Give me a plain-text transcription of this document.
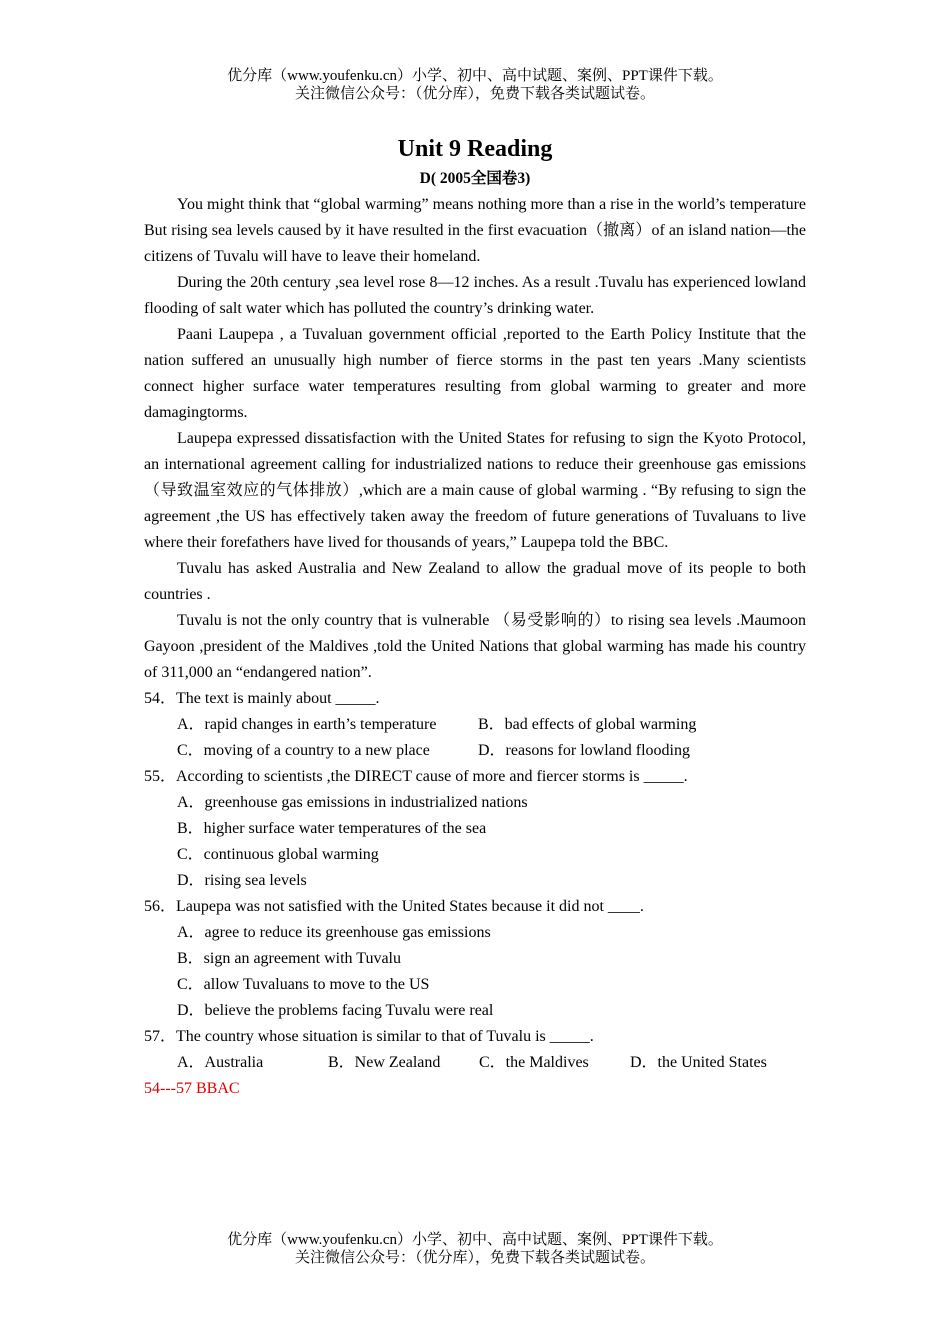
优分库（www.youfenku.cn）小学、初中、高中试题、案例、PPT课件下载。
关注微信公众号：（优分库），免费下载各类试题试卷。
Unit 9 Reading

D( 2005全国卷3)

You might think that “global warming” means nothing more than a rise in the world’s temperature But rising sea levels caused by it have resulted in the first evacuation（撤离）of an island nation—the citizens of Tuvalu will have to leave their homeland.

During the 20th century ,sea level rose 8—12 inches. As a result .Tuvalu has experienced lowland flooding of salt water which has polluted the country’s drinking water.

Paani Laupepa , a Tuvaluan government official ,reported to the Earth Policy Institute that the nation suffered an unusually high number of fierce storms in the past ten years .Many scientists connect higher surface water temperatures resulting from global warming to greater and more damagingtorms.

Laupepa expressed dissatisfaction with the United States for refusing to sign the Kyoto Protocol, an international agreement calling for industrialized nations to reduce their greenhouse gas emissions（导致温室效应的气体排放）,which are a main cause of global warming . “By refusing to sign the agreement ,the US has effectively taken away the freedom of future generations of Tuvaluans to live where their forefathers have lived for thousands of years,” Laupepa told the BBC.

Tuvalu has asked Australia and New Zealand to allow the gradual move of its people to both countries .

Tuvalu is not the only country that is vulnerable （易受影响的）to rising sea levels .Maumoon Gayoon ,president of the Maldives ,told the United Nations that global warming has made his country of 311,000 an “endangered nation”.

54．The text is mainly about _____.

A．rapid changes in earth’s temperature	B．bad effects of global warming

C．moving of a country to a new place	D．reasons for lowland flooding

55．According to scientists ,the DIRECT cause of more and fiercer storms is _____.

A．greenhouse gas emissions in industrialized nations

B．higher surface water temperatures of the sea

C．continuous global warming

D．rising sea levels

56．Laupepa was not satisfied with the United States because it did not ____.

A．agree to reduce its greenhouse gas emissions

B．sign an agreement with Tuvalu

C．allow Tuvaluans to move to the US

D．believe the problems facing Tuvalu were real

57．The country whose situation is similar to that of Tuvalu is _____.

A．Australia	B．New Zealand C．the Maldives	D．the United States

54---57 BBAC

优分库（www.youfenku.cn）小学、初中、高中试题、案例、PPT课件下载。
关注微信公众号：（优分库），免费下载各类试题试卷。
